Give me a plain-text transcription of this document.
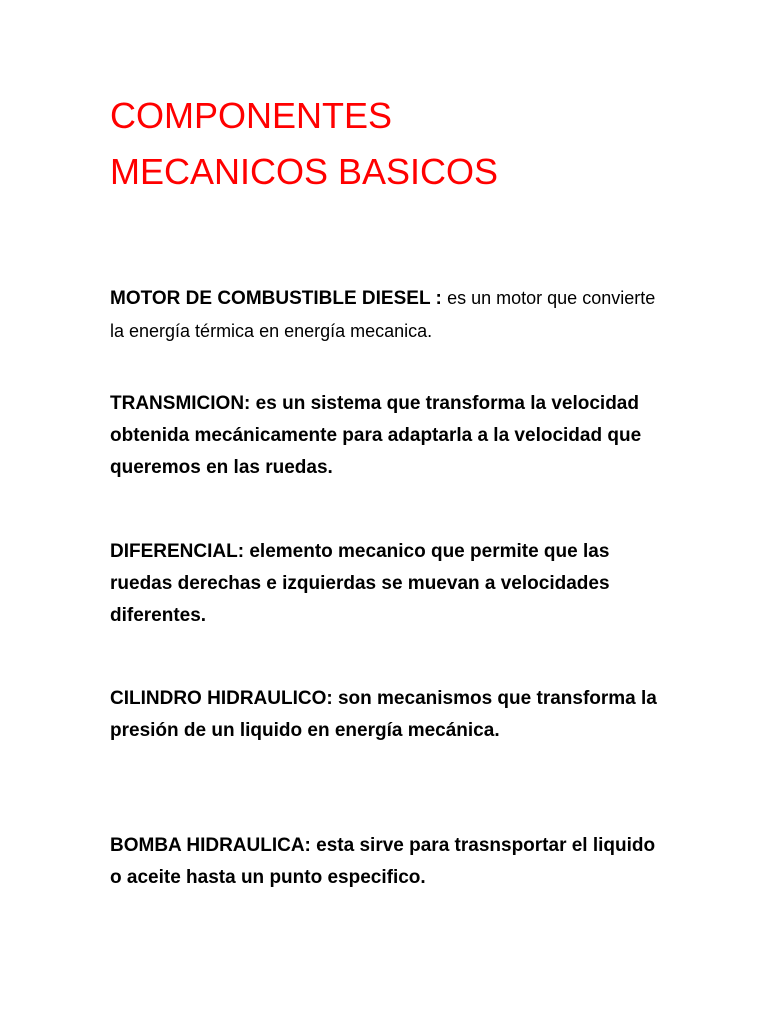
COMPONENTES
MECANICOS BASICOS

MOTOR DE COMBUSTIBLE DIESEL : es un motor que convierte la energía térmica en energía mecanica.

TRANSMICION: es un sistema que transforma la velocidad obtenida mecánicamente para adaptarla a la velocidad que queremos en las ruedas.

DIFERENCIAL: elemento mecanico que permite que las ruedas derechas e izquierdas se muevan a velocidades diferentes.

CILINDRO HIDRAULICO: son mecanismos que transforma la presión de un liquido en energía mecánica.

BOMBA HIDRAULICA: esta sirve para trasnsportar el liquido o aceite hasta un punto especifico.
